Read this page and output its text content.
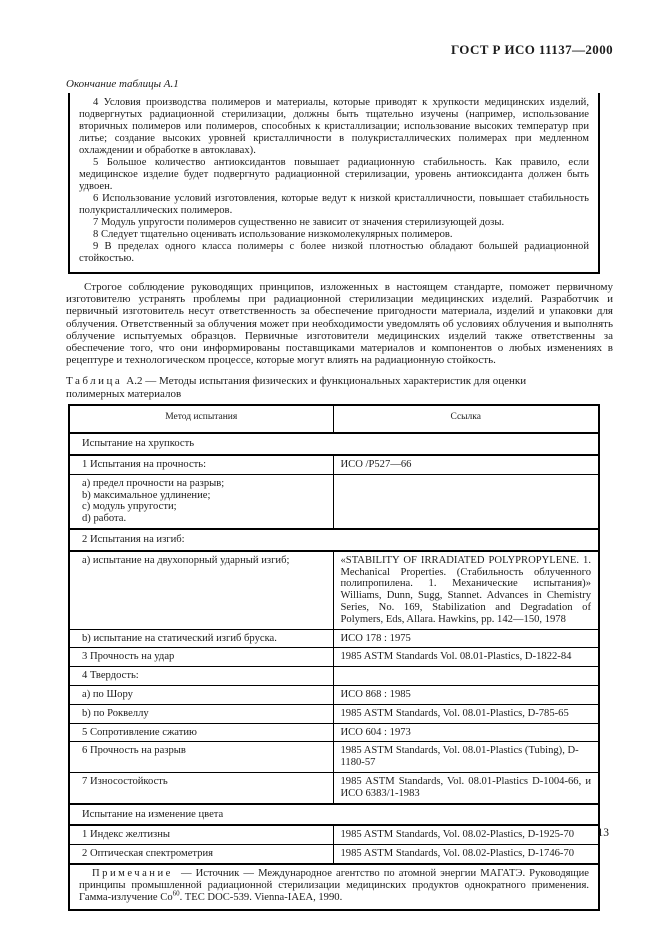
ГОСТ Р ИСО 11137—2000
Окончание таблицы А.1

4 Условия производства полимеров и материалы, которые приводят к хрупкости медицинских изделий, подвергнутых радиационной стерилизации, должны быть тщательно изучены (например, использование вторичных полимеров или полимеров, способных к кристаллизации; использование высоких температур при литье; создание высоких уровней кристалличности в полукристаллических полимерах при медленном охлаждении и обработке в автоклавах).

5 Большое количество антиоксидантов повышает радиационную стабильность. Как правило, если медицинское изделие будет подвергнуто радиационной стерилизации, уровень антиоксиданта должен быть удвоен.

6 Использование условий изготовления, которые ведут к низкой кристалличности, повышает стабильность полукристаллических полимеров.

7 Модуль упругости полимеров существенно не зависит от значения стерилизующей дозы.

8 Следует тщательно оценивать использование низкомолекулярных полимеров.

9 В пределах одного класса полимеры с более низкой плотностью обладают большей радиационной стойкостью.

Строгое соблюдение руководящих принципов, изложенных в настоящем стандарте, поможет первичному изготовителю устранять проблемы при радиационной стерилизации медицинских изделий. Разработчик и первичный изготовитель несут ответственность за обеспечение пригодности материала, изделий и упаковки для облучения. Ответственный за облучения может при необходимости уведомлять об условиях облучения и выполнять облучение испытуемых образцов. Первичные изготовители медицинских изделий также ответственны за обеспечение того, что они информированы поставщиками материалов и компонентов о любых изменениях в рецептуре и технологическом процессе, которые могут влиять на радиационную стойкость.

Таблица А.2 — Методы испытания физических и функциональных характеристик для оценки полимерных материалов
Метод испытания	Ссылка
Испытание на хрупкость	
1 Испытания на прочность:	ИСО /Р527—66

a) предел прочности на разрыв;
b) максимальное удлинение;
c) модуль упругости;
d) работа.	

2 Испытания на изгиб:	
a) испытание на двухопорный ударный изгиб;	«STABILITY OF IRRADIATED POLYPROPYLENE. 1. Mechanical Properties. (Стабильность облученного полипропилена. 1. Механические испытания)» Williams, Dunn, Sugg, Stannet. Advances in Chemistry Series, No. 169, Stabilization and Degradation of Polymers, Eds, Allara. Hawkins, pp. 142—150, 1978
b) испытание на статический изгиб бруска.	ИСО 178 : 1975
3 Прочность на удар	1985 ASTM Standards Vol. 08.01-Plastics, D-1822-84
4 Твердость:	
a) по Шору	ИСО 868 : 1985
b) по Роквеллу	1985 ASTM Standards, Vol. 08.01-Plastics, D-785-65
5 Сопротивление сжатию	ИСО 604 : 1973
6 Прочность на разрыв	1985 ASTM Standards, Vol. 08.01-Plastics (Tubing), D-1180-57
7 Износостойкость	1985 ASTM Standards, Vol. 08.01-Plastics D-1004-66, и ИСО 6383/1-1983
Испытание на изменение цвета	
1 Индекс желтизны	1985 ASTM Standards, Vol. 08.02-Plastics, D-1925-70
2 Оптическая спектрометрия	1985 ASTM Standards, Vol. 08.02-Plastics, D-1746-70

Примечание — Источник — Международное агентство по атомной энергии МАГАТЭ. Руководящие принципы промышленной радиационной стерилизации медицинских продуктов однократного применения. Гамма-излучение Co$^{60}$. TEC DOC-539. Vienna-IAEA, 1990.	

13
